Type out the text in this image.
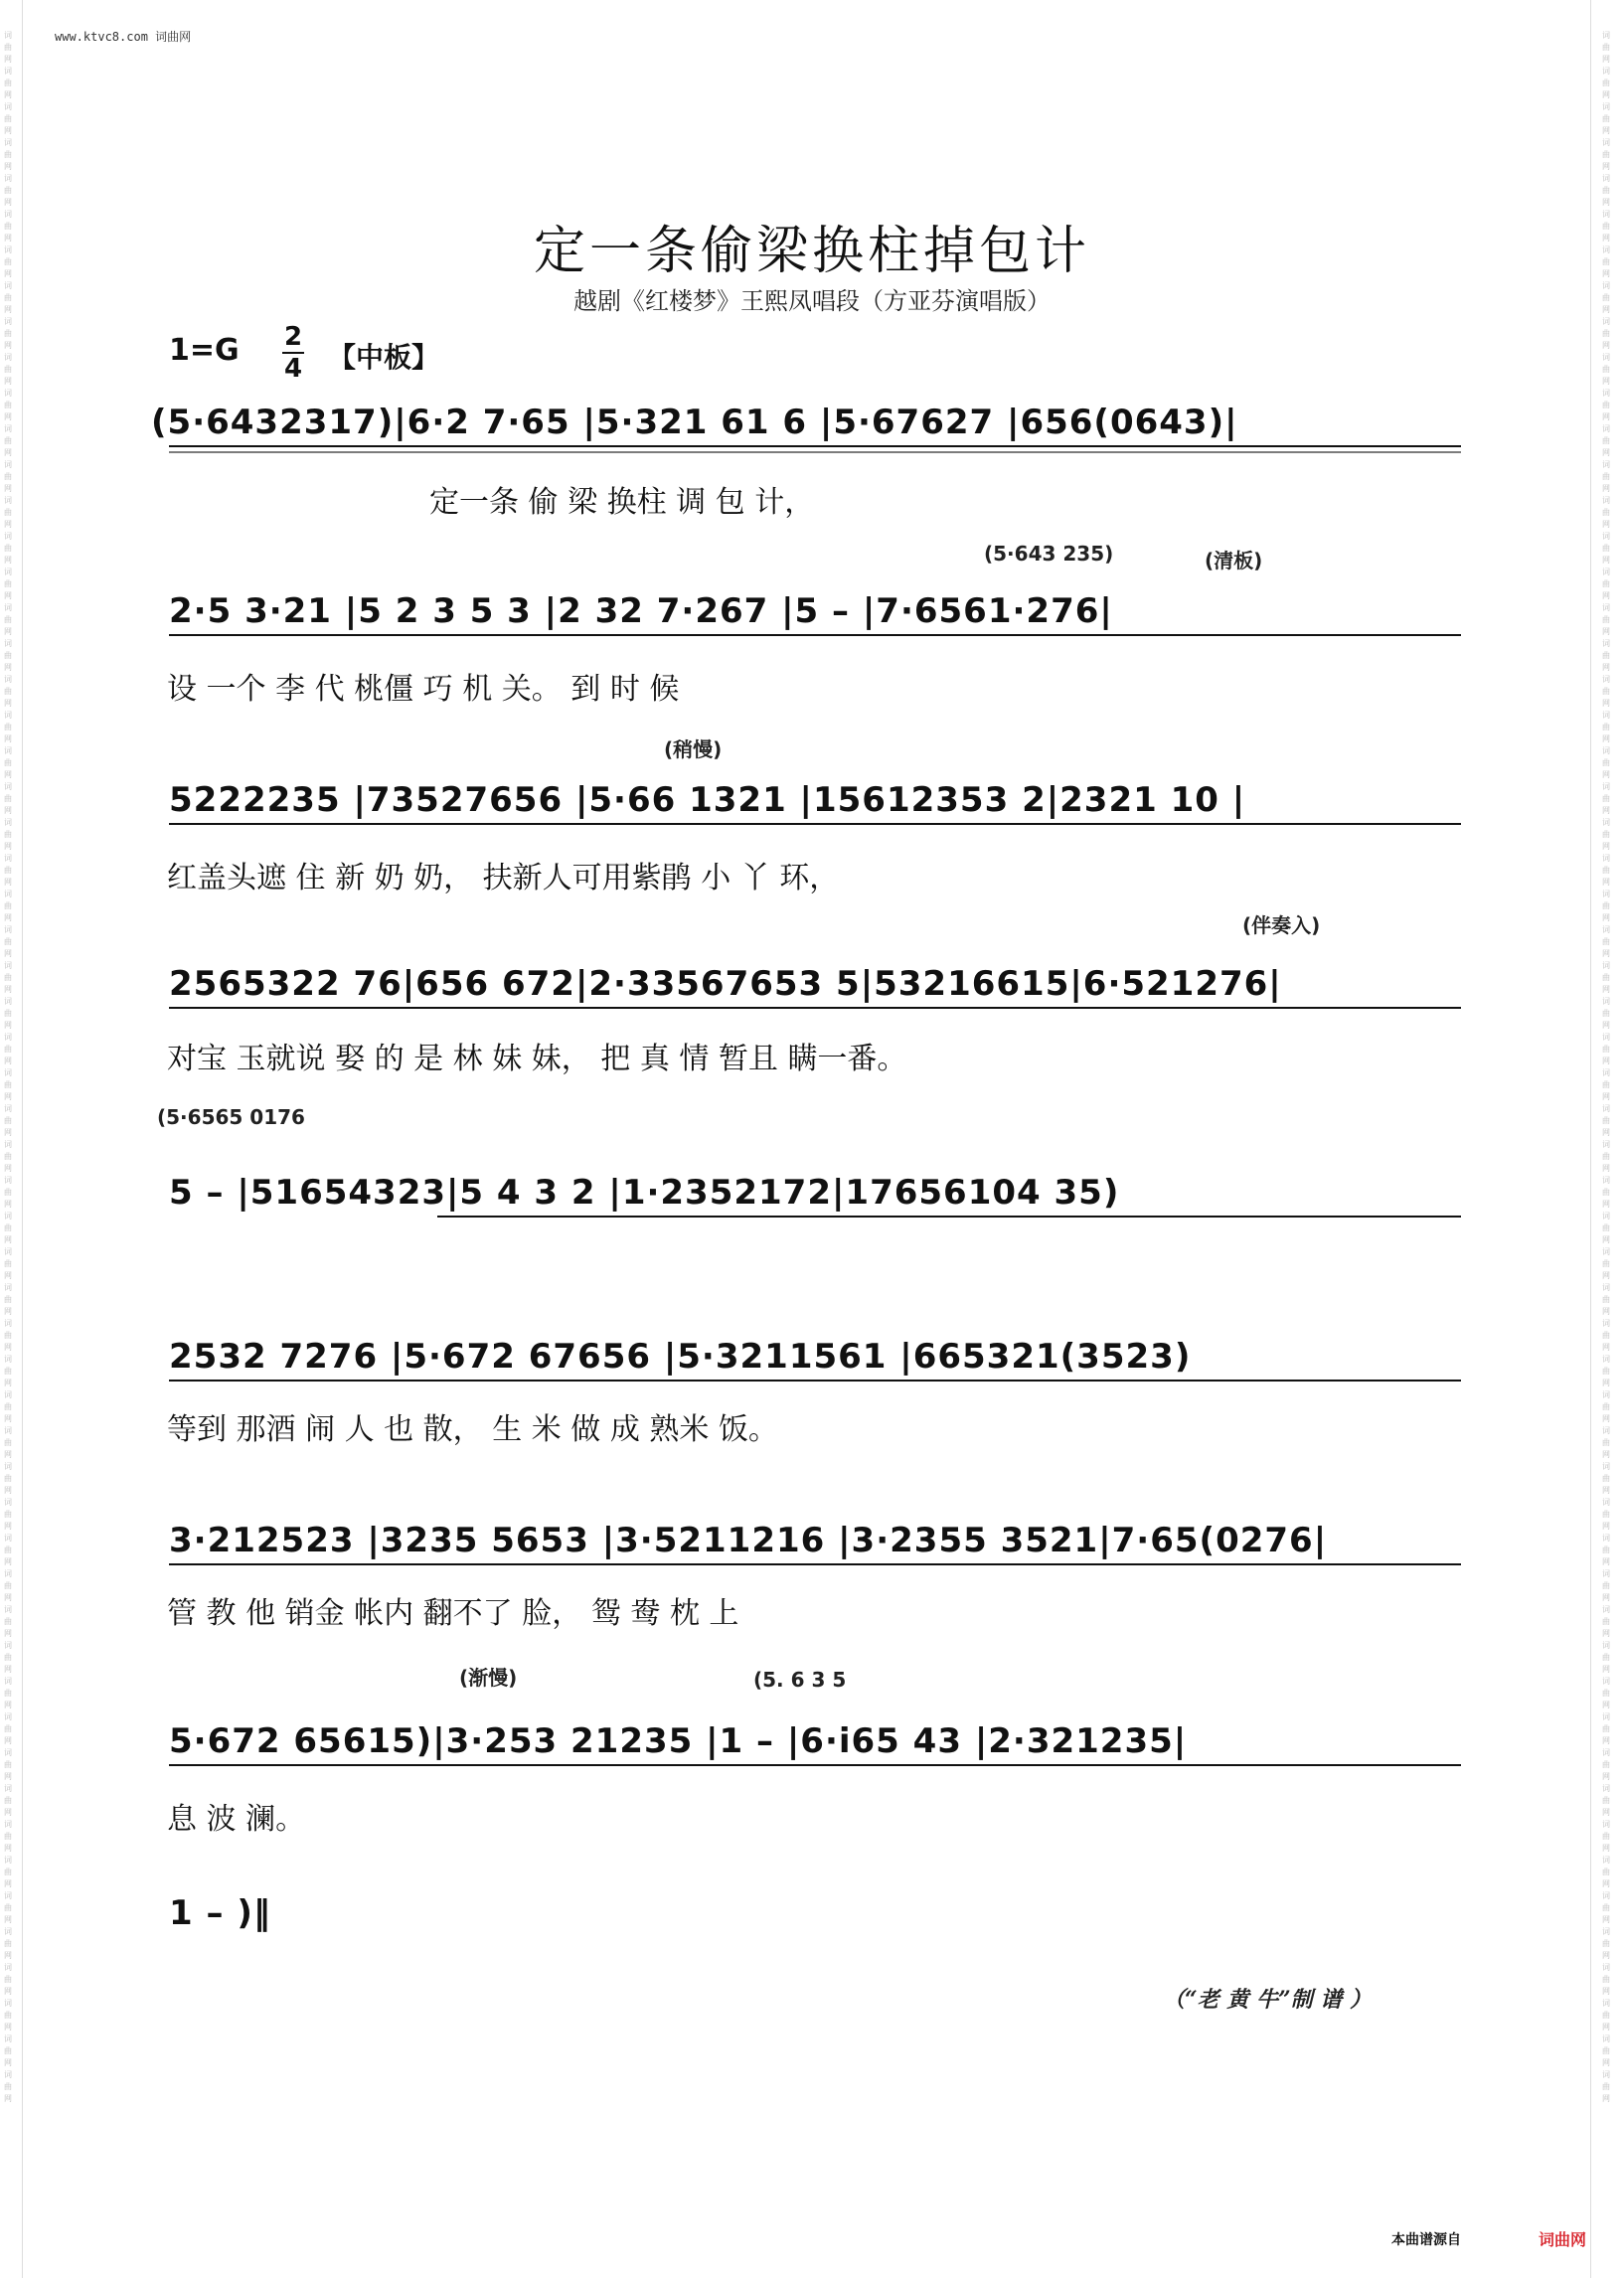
词曲网词曲网词曲网词曲网词曲网词曲网词曲网词曲网词曲网词曲网词曲网词曲网词曲网词曲网词曲网词曲网词曲网词曲网词曲网词曲网词曲网词曲网词曲网词曲网词曲网词曲网词曲网词曲网词曲网词曲网词曲网词曲网词曲网词曲网词曲网词曲网词曲网词曲网词曲网词曲网词曲网词曲网词曲网词曲网词曲网词曲网词曲网词曲网词曲网词曲网词曲网词曲网词曲网词曲网词曲网词曲网词曲网词曲网
词曲网词曲网词曲网词曲网词曲网词曲网词曲网词曲网词曲网词曲网词曲网词曲网词曲网词曲网词曲网词曲网词曲网词曲网词曲网词曲网词曲网词曲网词曲网词曲网词曲网词曲网词曲网词曲网词曲网词曲网词曲网词曲网词曲网词曲网词曲网词曲网词曲网词曲网词曲网词曲网词曲网词曲网词曲网词曲网词曲网词曲网词曲网词曲网词曲网词曲网词曲网词曲网词曲网词曲网词曲网词曲网词曲网词曲网
www.ktvc8.com 词曲网
定一条偷梁换柱掉包计
越剧《红楼梦》王熙凤唱段（方亚芬演唱版）
1=G 2
4 【中板】
(5·6432317)|6·2 7·65 |5·321 61 6 |5·67627 |656(0643)|
定一条 偷 梁 换柱 调 包 计，
(5·643 235)	(清板)
2·5 3·21 |5 2 3 5 3 |2 32 7·267 |5 – |7·6561·276|
设 一个 李 代 桃僵 巧 机 关。 到 时 候
(稍慢)
5222235 |73527656 |5·66 1321 |15612353 2|2321 10 |
红盖头遮 住 新 奶 奶， 扶新人可用紫鹃 小 丫 环，
(伴奏入)
2565322 76|656 672|2·33567653 5|53216615|6·521276|
对宝 玉就说 娶 的 是 林 妹 妹， 把 真 情 暂且 瞒一番。
(5·6565 0176
5 – |51654323|5 4 3 2 |1·2352172|17656104 35)
2532 7276 |5·672 67656 |5·3211561 |665321(3523)
等到 那酒 闹 人 也 散， 生 米 做 成 熟米 饭。
3·212523 |3235 5653 |3·5211216 |3·2355 3521|7·65(0276|
管 教 他 销金 帐内 翻不了 脸， 鸳 鸯 枕 上
(渐慢)	(5. 6 3 5
5·672 65615)|3·253 21235 |1 – |6·i65 43 |2·321235|
息 波 澜。
1 – )‖
（“老 黄 牛”制 谱 ）
本曲谱源自	词曲网
